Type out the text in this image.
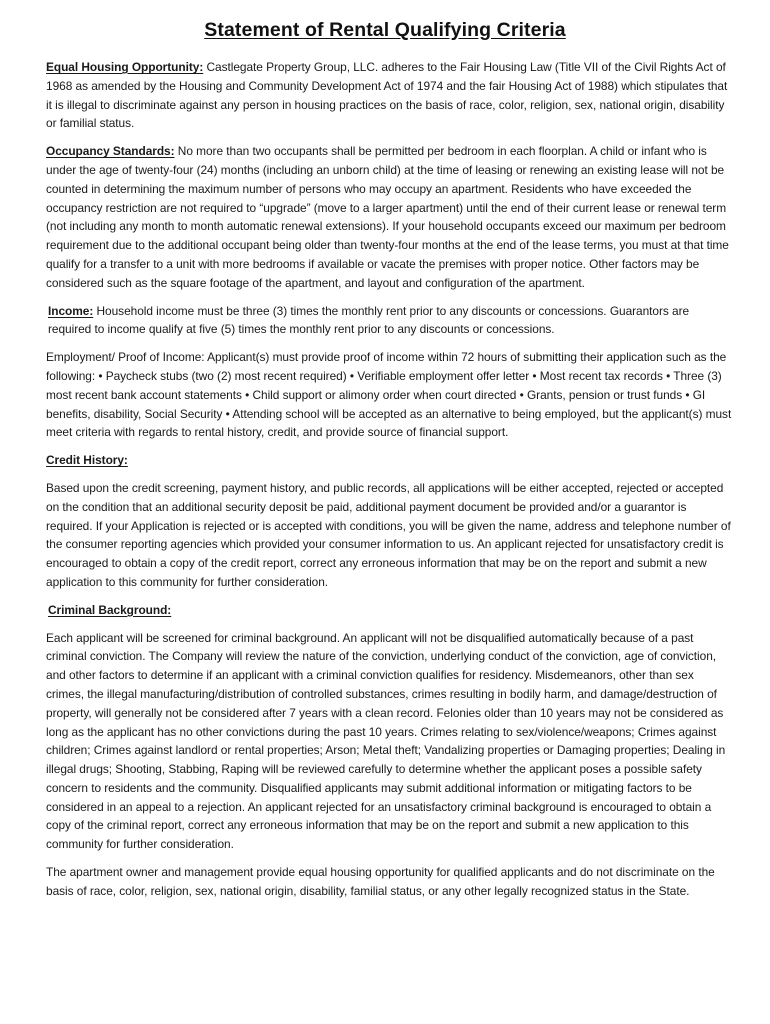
Statement of Rental Qualifying Criteria

Equal Housing Opportunity: Castlegate Property Group, LLC. adheres to the Fair Housing Law (Title VII of the Civil Rights Act of 1968 as amended by the Housing and Community Development Act of 1974 and the fair Housing Act of 1988) which stipulates that it is illegal to discriminate against any person in housing practices on the basis of race, color, religion, sex, national origin, disability or familial status.

Occupancy Standards: No more than two occupants shall be permitted per bedroom in each floorplan. A child or infant who is under the age of twenty-four (24) months (including an unborn child) at the time of leasing or renewing an existing lease will not be counted in determining the maximum number of persons who may occupy an apartment. Residents who have exceeded the occupancy restriction are not required to “upgrade” (move to a larger apartment) until the end of their current lease or renewal term (not including any month to month automatic renewal extensions). If your household occupants exceed our maximum per bedroom requirement due to the additional occupant being older than twenty-four months at the end of the lease terms, you must at that time qualify for a transfer to a unit with more bedrooms if available or vacate the premises with proper notice. Other factors may be considered such as the square footage of the apartment, and layout and configuration of the apartment.

Income: Household income must be three (3) times the monthly rent prior to any discounts or concessions. Guarantors are required to income qualify at five (5) times the monthly rent prior to any discounts or concessions.

Employment/ Proof of Income: Applicant(s) must provide proof of income within 72 hours of submitting their application such as the following: • Paycheck stubs (two (2) most recent required) • Verifiable employment offer letter • Most recent tax records • Three (3) most recent bank account statements • Child support or alimony order when court directed • Grants, pension or trust funds • GI benefits, disability, Social Security • Attending school will be accepted as an alternative to being employed, but the applicant(s) must meet criteria with regards to rental history, credit, and provide source of financial support.

Credit History:

Based upon the credit screening, payment history, and public records, all applications will be either accepted, rejected or accepted on the condition that an additional security deposit be paid, additional payment document be provided and/or a guarantor is required. If your Application is rejected or is accepted with conditions, you will be given the name, address and telephone number of the consumer reporting agencies which provided your consumer information to us. An applicant rejected for unsatisfactory credit is encouraged to obtain a copy of the credit report, correct any erroneous information that may be on the report and submit a new application to this community for further consideration.

Criminal Background:

Each applicant will be screened for criminal background. An applicant will not be disqualified automatically because of a past criminal conviction. The Company will review the nature of the conviction, underlying conduct of the conviction, age of conviction, and other factors to determine if an applicant with a criminal conviction qualifies for residency. Misdemeanors, other than sex crimes, the illegal manufacturing/distribution of controlled substances, crimes resulting in bodily harm, and damage/destruction of property, will generally not be considered after 7 years with a clean record. Felonies older than 10 years may not be considered as long as the applicant has no other convictions during the past 10 years. Crimes relating to sex/violence/weapons; Crimes against children; Crimes against landlord or rental properties; Arson; Metal theft; Vandalizing properties or Damaging properties; Dealing in illegal drugs; Shooting, Stabbing, Raping will be reviewed carefully to determine whether the applicant poses a possible safety concern to residents and the community. Disqualified applicants may submit additional information or mitigating factors to be considered in an appeal to a rejection. An applicant rejected for an unsatisfactory criminal background is encouraged to obtain a copy of the criminal report, correct any erroneous information that may be on the report and submit a new application to this community for further consideration.

The apartment owner and management provide equal housing opportunity for qualified applicants and do not discriminate on the basis of race, color, religion, sex, national origin, disability, familial status, or any other legally recognized status in the State.
